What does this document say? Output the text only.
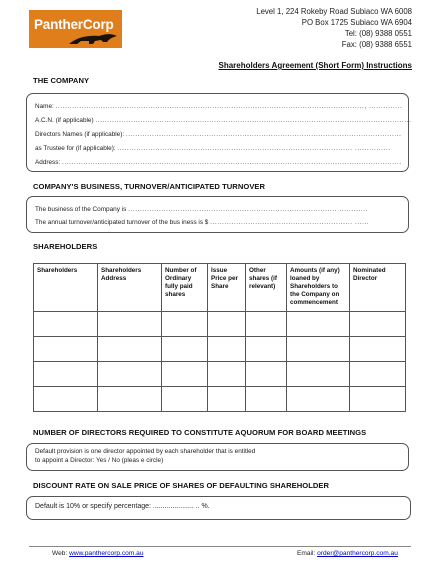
PantherCorp
Level 1, 224 Rokeby Road Subiaco WA 6008
PO Box 1725 Subiaco WA 6904
Tel: (08) 9388 0551
Fax: (08) 9388 6551
Shareholders Agreement (Short Form) Instructions
THE COMPANY
Name: .................................................................................................................................., ..............
A.C.N. (if applicable) .....................................................................................................................................
Directors Names (if applicable): ....................................................................................................................
as Trustee for (if applicable): ................................................................................................... ...............
Address: ...............................................................................................................................................
COMPANY'S BUSINESS, TURNOVER/ANTICIPATED TURNOVER
The business of the Company is ........................................................................................ ............
The annual turnover/anticipated turnover of the bus iness is $ ............................................................ ......
SHAREHOLDERS
Shareholders	Shareholders Address	Number of Ordinary fully paid shares	Issue Price per Share	Other shares (if relevant)	Amounts (if any) loaned by Shareholders to the Company on commencement	Nominated Director

NUMBER OF DIRECTORS REQUIRED TO CONSTITUTE AQUORUM FOR BOARD MEETINGS
Default provision is one director appointed by each shareholder that is entitled
to appoint a Director: Yes / No (pleas e circle)
DISCOUNT RATE ON SALE PRICE OF SHARES OF DEFAULTING SHAREHOLDER
Default is 10% or specify percentage: ..................... .. %.
Web: www.panthercorp.com.au	Email: order@panthercorp.com.au
